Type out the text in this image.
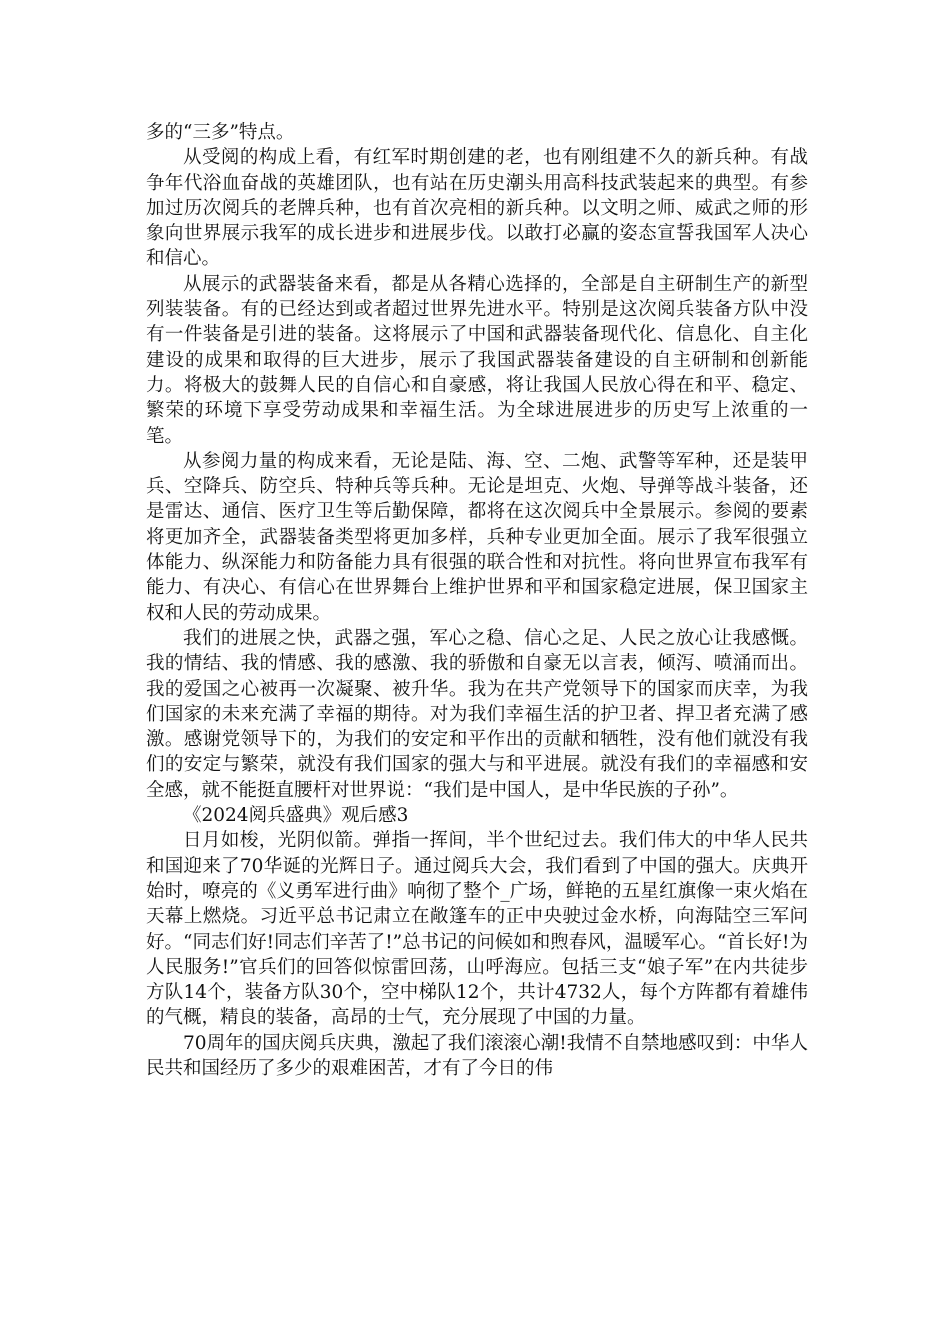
多的“三多”特点。

从受阅的构成上看，有红军时期创建的老，也有刚组建不久的新兵种。有战争年代浴血奋战的英雄团队，也有站在历史潮头用高科技武装起来的典型。有参加过历次阅兵的老牌兵种，也有首次亮相的新兵种。以文明之师、威武之师的形象向世界展示我军的成长进步和进展步伐。以敢打必赢的姿态宣誓我国军人决心和信心。

从展示的武器装备来看，都是从各精心选择的，全部是自主研制生产的新型列装装备。有的已经达到或者超过世界先进水平。特别是这次阅兵装备方队中没有一件装备是引进的装备。这将展示了中国和武器装备现代化、信息化、自主化建设的成果和取得的巨大进步，展示了我国武器装备建设的自主研制和创新能力。将极大的鼓舞人民的自信心和自豪感，将让我国人民放心得在和平、稳定、繁荣的环境下享受劳动成果和幸福生活。为全球进展进步的历史写上浓重的一笔。

从参阅力量的构成来看，无论是陆、海、空、二炮、武警等军种，还是装甲兵、空降兵、防空兵、特种兵等兵种。无论是坦克、火炮、导弹等战斗装备，还是雷达、通信、医疗卫生等后勤保障，都将在这次阅兵中全景展示。参阅的要素将更加齐全，武器装备类型将更加多样，兵种专业更加全面。展示了我军很强立体能力、纵深能力和防备能力具有很强的联合性和对抗性。将向世界宣布我军有能力、有决心、有信心在世界舞台上维护世界和平和国家稳定进展，保卫国家主权和人民的劳动成果。

我们的进展之快，武器之强，军心之稳、信心之足、人民之放心让我感慨。我的情结、我的情感、我的感激、我的骄傲和自豪无以言表，倾泻、喷涌而出。我的爱国之心被再一次凝聚、被升华。我为在共产党领导下的国家而庆幸，为我们国家的未来充满了幸福的期待。对为我们幸福生活的护卫者、捍卫者充满了感激。感谢党领导下的，为我们的安定和平作出的贡献和牺牲，没有他们就没有我们的安定与繁荣，就没有我们国家的强大与和平进展。就没有我们的幸福感和安全感，就不能挺直腰杆对世界说：“我们是中国人，是中华民族的子孙”。

《2024阅兵盛典》观后感3

日月如梭，光阴似箭。弹指一挥间，半个世纪过去。我们伟大的中华人民共和国迎来了70华诞的光辉日子。通过阅兵大会，我们看到了中国的强大。庆典开始时，嘹亮的《义勇军进行曲》响彻了整个_广场，鲜艳的五星红旗像一束火焰在天幕上燃烧。习近平总书记肃立在敞篷车的正中央驶过金水桥，向海陆空三军问好。“同志们好!同志们辛苦了!”总书记的问候如和煦春风，温暖军心。“首长好!为人民服务!”官兵们的回答似惊雷回荡，山呼海应。包括三支“娘子军”在内共徒步方队14个，装备方队30个，空中梯队12个，共计4732人，每个方阵都有着雄伟的气概，精良的装备，高昂的士气，充分展现了中国的力量。

70周年的国庆阅兵庆典，激起了我们滚滚心潮!我情不自禁地感叹到：中华人民共和国经历了多少的艰难困苦，才有了今日的伟
